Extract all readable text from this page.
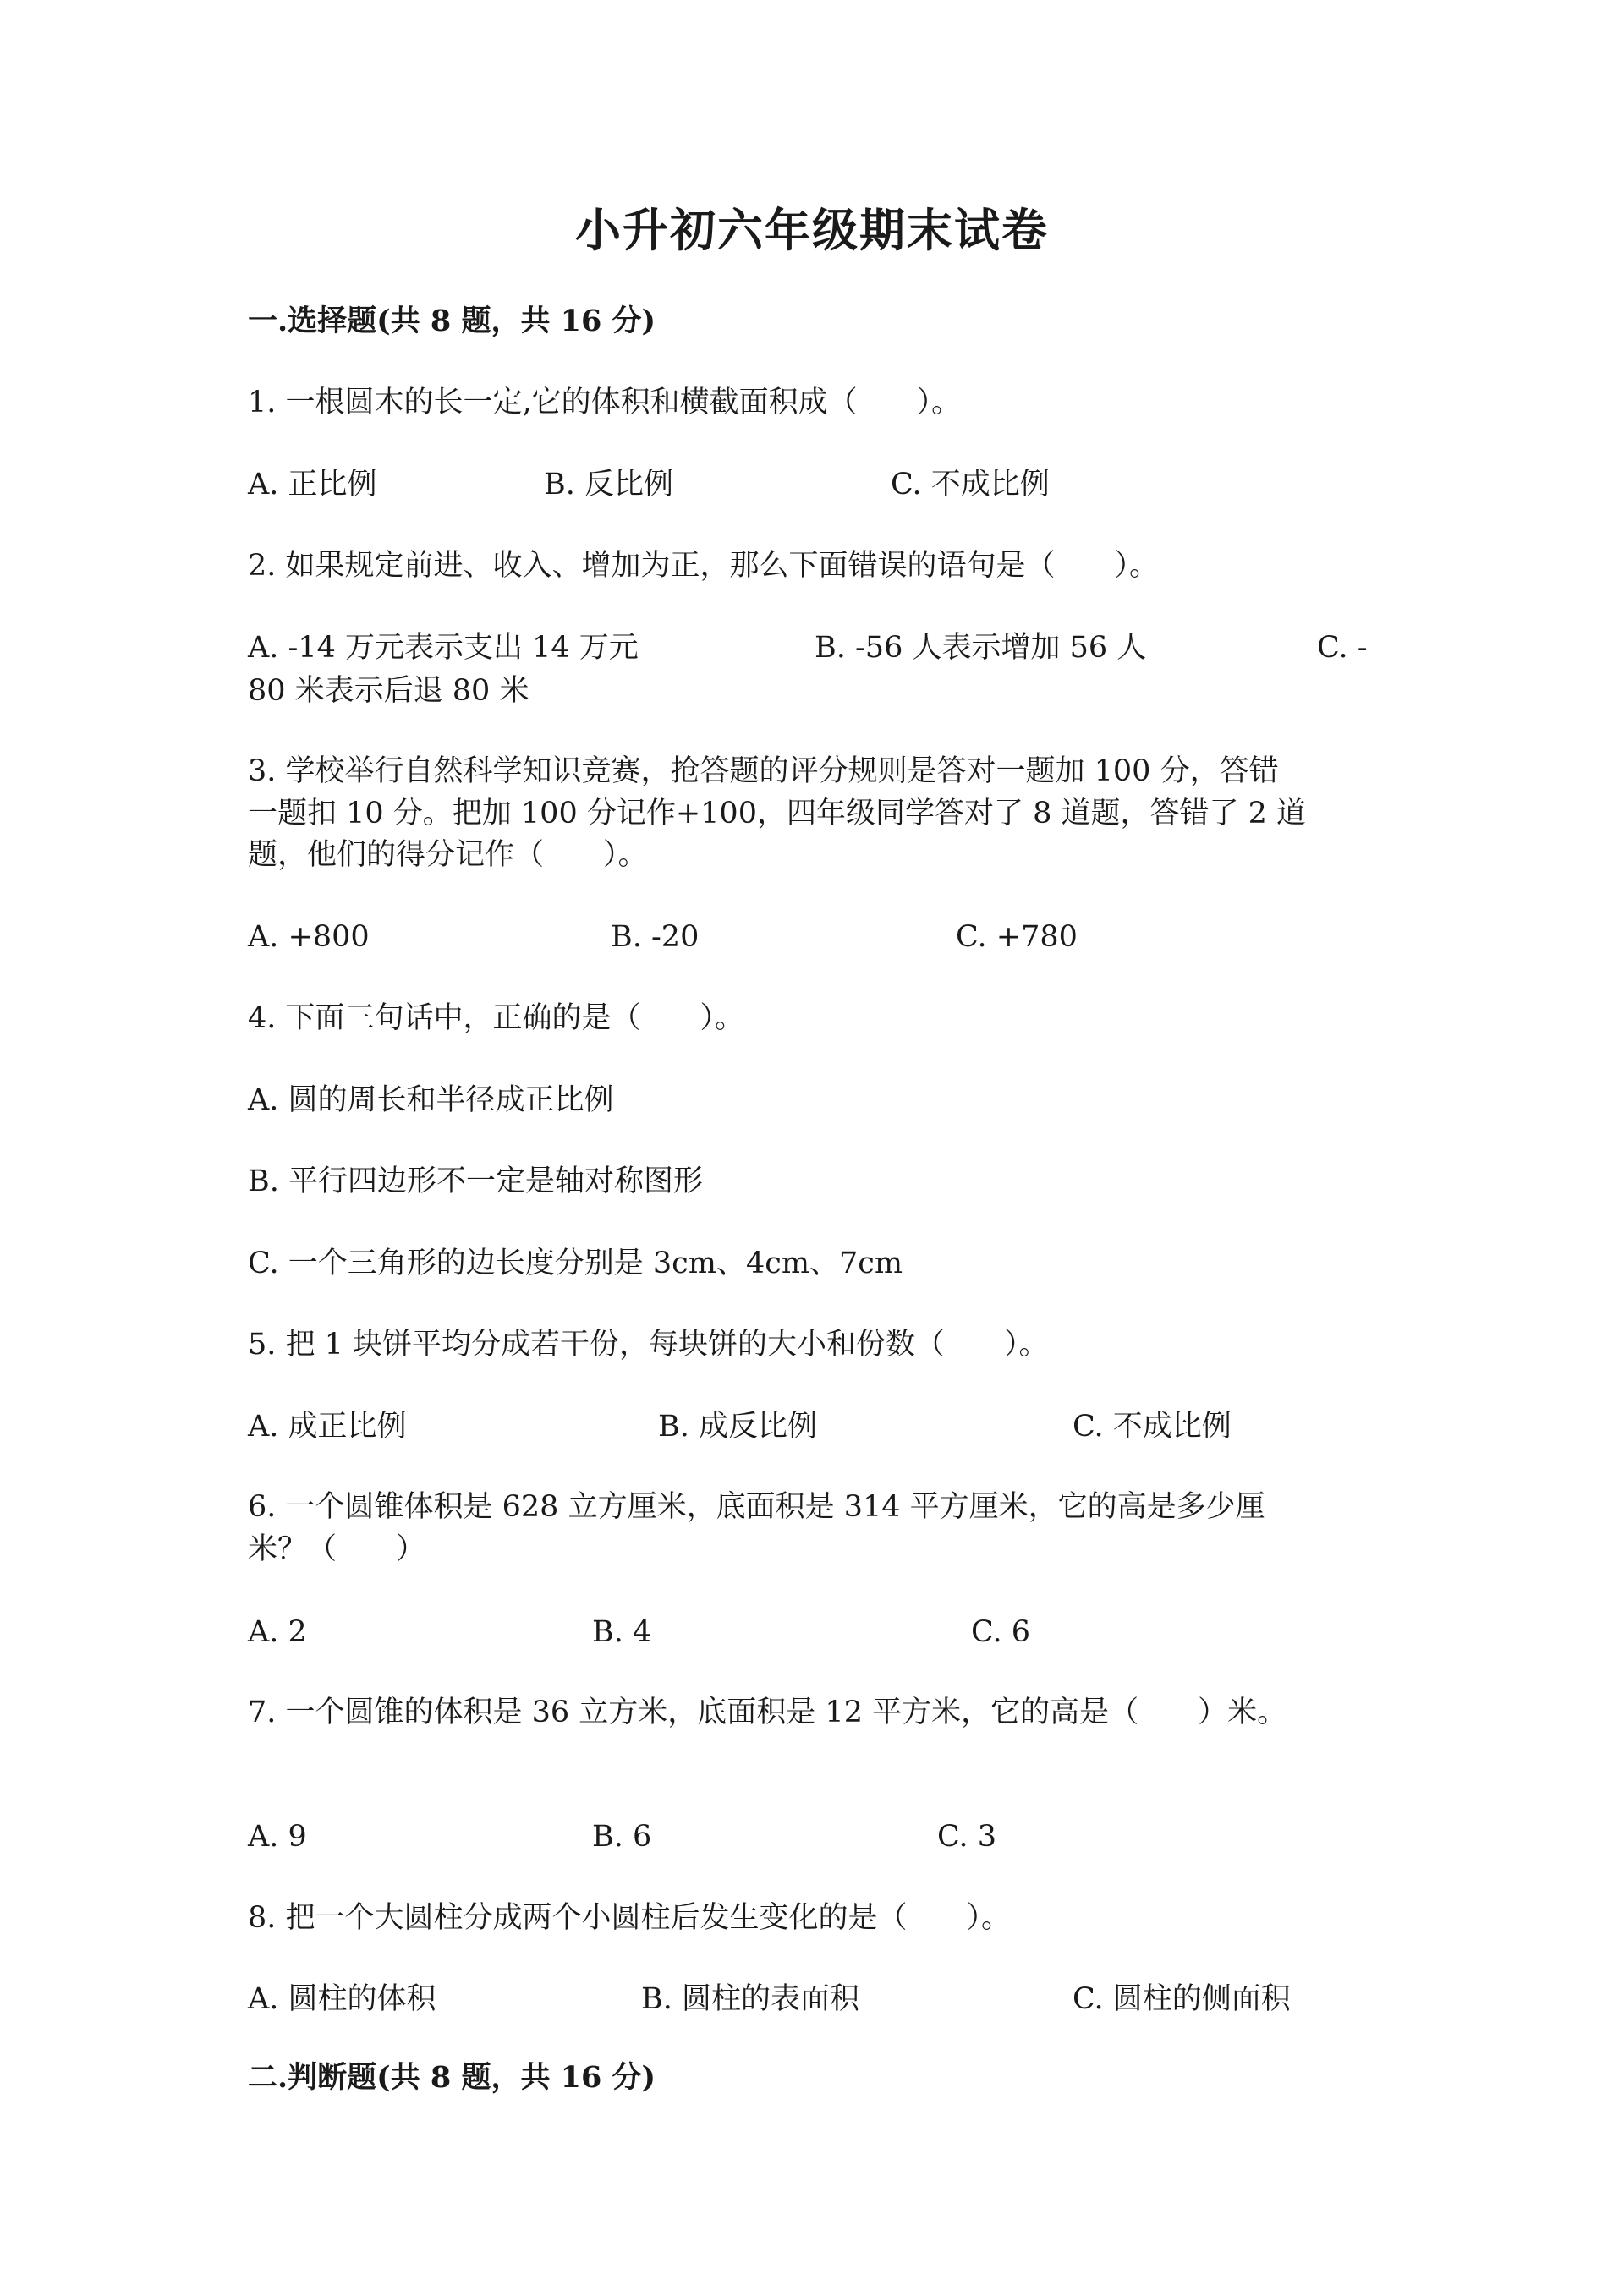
小升初六年级期末试卷
一.选择题(共 8 题，共 16 分)
1. 一根圆木的长一定,它的体积和横截面积成（　　）。
A. 正比例	B. 反比例	C. 不成比例
2. 如果规定前进、收入、增加为正，那么下面错误的语句是（　　）。
A. -14 万元表示支出 14 万元	B. -56 人表示增加 56 人	C. -
80 米表示后退 80 米
3. 学校举行自然科学知识竞赛，抢答题的评分规则是答对一题加 100 分，答错
一题扣 10 分。把加 100 分记作+100，四年级同学答对了 8 道题，答错了 2 道
题，他们的得分记作（　　）。
A. +800	B. -20	C. +780
4. 下面三句话中，正确的是（　　）。
A. 圆的周长和半径成正比例
B. 平行四边形不一定是轴对称图形
C. 一个三角形的边长度分别是 3cm、4cm、7cm
5. 把 1 块饼平均分成若干份，每块饼的大小和份数（　　）。
A. 成正比例	B. 成反比例	C. 不成比例
6. 一个圆锥体积是 628 立方厘米，底面积是 314 平方厘米，它的高是多少厘
米？（　　）
A. 2	B. 4	C. 6
7. 一个圆锥的体积是 36 立方米，底面积是 12 平方米，它的高是（　　）米。
A. 9	B. 6	C. 3
8. 把一个大圆柱分成两个小圆柱后发生变化的是（　　）。
A. 圆柱的体积	B. 圆柱的表面积	C. 圆柱的侧面积
二.判断题(共 8 题，共 16 分)
